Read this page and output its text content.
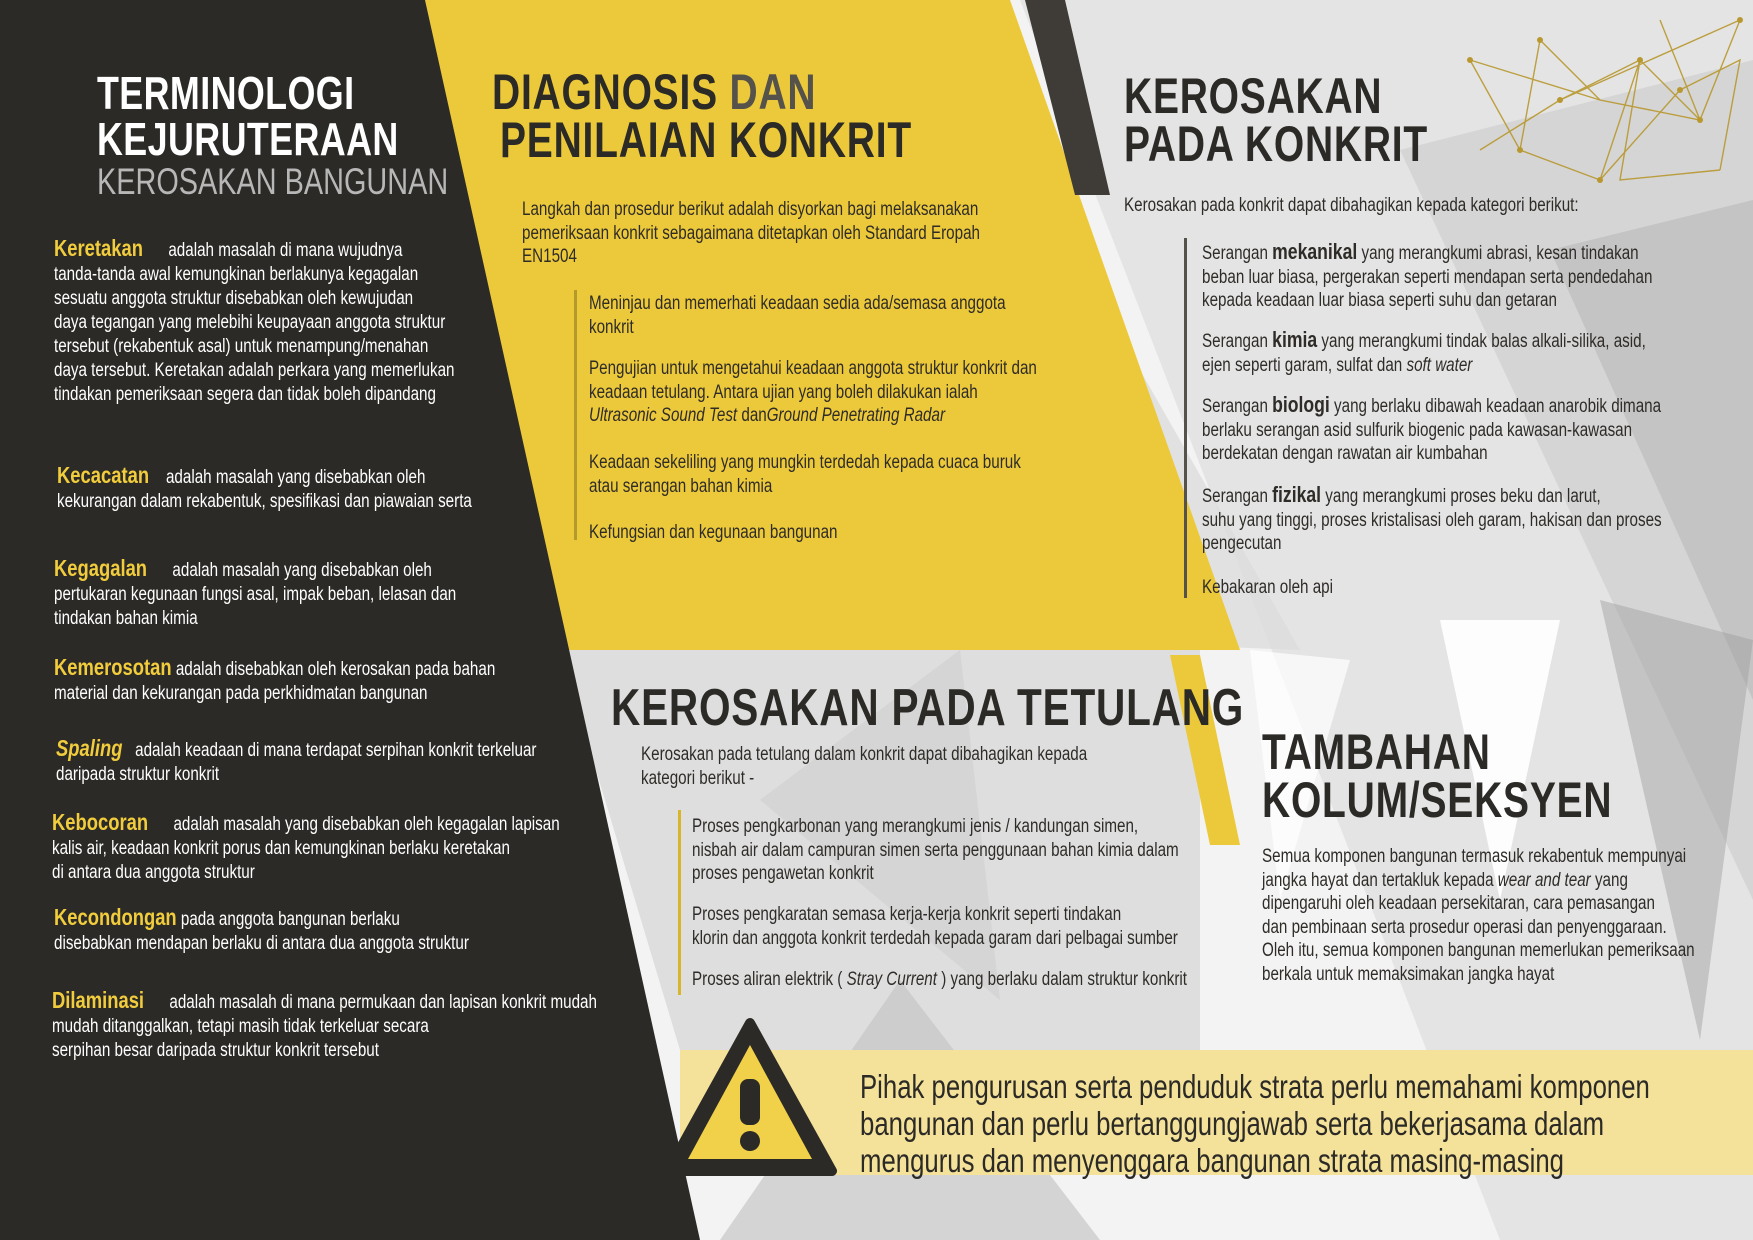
TERMINOLOGI
KEJURUTERAAN
KEROSAKAN BANGUNAN
Keretakan adalah masalah di mana wujudnya
tanda-tanda awal kemungkinan berlakunya kegagalan
sesuatu anggota struktur disebabkan oleh kewujudan
daya tegangan yang melebihi keupayaan anggota struktur
tersebut (rekabentuk asal) untuk menampung/menahan
daya tersebut. Keretakan adalah perkara yang memerlukan
tindakan pemeriksaan segera dan tidak boleh dipandang
Kecacatan adalah masalah yang disebabkan oleh
kekurangan dalam rekabentuk, spesifikasi dan piawaian serta
Kegagalan adalah masalah yang disebabkan oleh
pertukaran kegunaan fungsi asal, impak beban, lelasan dan
tindakan bahan kimia
Kemerosotan adalah disebabkan oleh kerosakan pada bahan
material dan kekurangan pada perkhidmatan bangunan
Spaling adalah keadaan di mana terdapat serpihan konkrit terkeluar
daripada struktur konkrit
Kebocoran adalah masalah yang disebabkan oleh kegagalan lapisan
kalis air, keadaan konkrit porus dan kemungkinan berlaku keretakan
di antara dua anggota struktur
Kecondongan pada anggota bangunan berlaku
disebabkan mendapan berlaku di antara dua anggota struktur
Dilaminasi adalah masalah di mana permukaan dan lapisan konkrit mudah
mudah ditanggalkan, tetapi masih tidak terkeluar secara
serpihan besar daripada struktur konkrit tersebut
DIAGNOSIS DAN
PENILAIAN KONKRIT
Langkah dan prosedur berikut adalah disyorkan bagi melaksanakan
pemeriksaan konkrit sebagaimana ditetapkan oleh Standard Eropah
EN1504
Meninjau dan memerhati keadaan sedia ada/semasa anggota
konkrit
Pengujian untuk mengetahui keadaan anggota struktur konkrit dan
keadaan tetulang. Antara ujian yang boleh dilakukan ialah
Ultrasonic Sound Test danGround Penetrating Radar
Keadaan sekeliling yang mungkin terdedah kepada cuaca buruk
atau serangan bahan kimia
Kefungsian dan kegunaan bangunan
KEROSAKAN
PADA KONKRIT
Kerosakan pada konkrit dapat dibahagikan kepada kategori berikut:
Serangan mekanikal yang merangkumi abrasi, kesan tindakan
beban luar biasa, pergerakan seperti mendapan serta pendedahan
kepada keadaan luar biasa seperti suhu dan getaran
Serangan kimia yang merangkumi tindak balas alkali-silika, asid,
ejen seperti garam, sulfat dan soft water
Serangan biologi yang berlaku dibawah keadaan anarobik dimana
berlaku serangan asid sulfurik biogenic pada kawasan-kawasan
berdekatan dengan rawatan air kumbahan
Serangan fizikal yang merangkumi proses beku dan larut,
suhu yang tinggi, proses kristalisasi oleh garam, hakisan dan proses
pengecutan
Kebakaran oleh api
KEROSAKAN PADA TETULANG
Kerosakan pada tetulang dalam konkrit dapat dibahagikan kepada
kategori berikut -
Proses pengkarbonan yang merangkumi jenis / kandungan simen,
nisbah air dalam campuran simen serta penggunaan bahan kimia dalam
proses pengawetan konkrit
Proses pengkaratan semasa kerja-kerja konkrit seperti tindakan
klorin dan anggota konkrit terdedah kepada garam dari pelbagai sumber
Proses aliran elektrik ( Stray Current ) yang berlaku dalam struktur konkrit
TAMBAHAN
KOLUM/SEKSYEN
Semua komponen bangunan termasuk rekabentuk mempunyai
jangka hayat dan tertakluk kepada wear and tear yang
dipengaruhi oleh keadaan persekitaran, cara pemasangan
dan pembinaan serta prosedur operasi dan penyenggaraan.
Oleh itu, semua komponen bangunan memerlukan pemeriksaan
berkala untuk memaksimakan jangka hayat
Pihak pengurusan serta penduduk strata perlu memahami komponen
bangunan dan perlu bertanggungjawab serta bekerjasama dalam
mengurus dan menyenggara bangunan strata masing-masing
